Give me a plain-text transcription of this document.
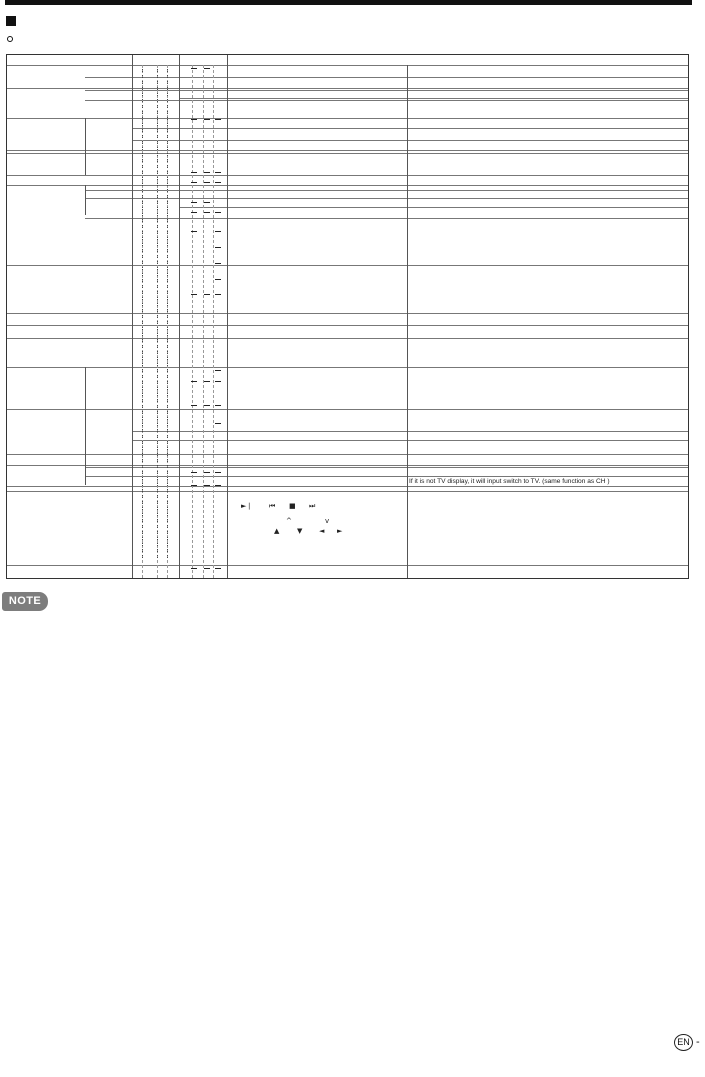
If it is not TV display, it will input switch to TV. (same function as CH )
►❘ ⏮ ■ ⏭
^	v
▲	▼ ◄ ►
NOTE
EN -
